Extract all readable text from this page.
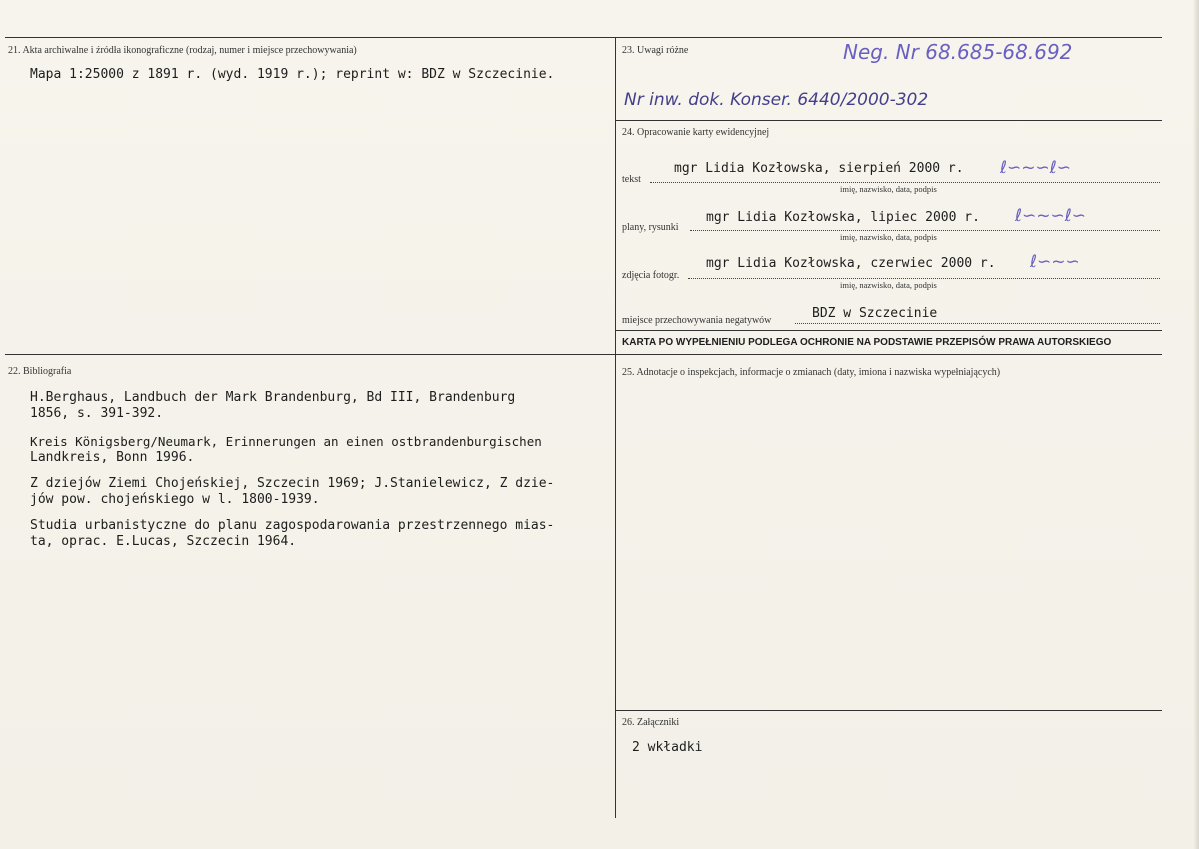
21. Akta archiwalne i źródła ikonograficzne (rodzaj, numer i miejsce przechowywania)
Mapa 1:25000 z 1891 r. (wyd. 1919 r.); reprint w: BDZ w Szczecinie.
23. Uwagi różne	Neg. Nr 68.685-68.692
Nr inw. dok. Konser. 6440/2000-302
24. Opracowanie karty ewidencyjnej
tekst
mgr Lidia Kozłowska, sierpień 2000 r. ℓ∽~∽ℓ∽
imię, nazwisko, data, podpis
plany, rysunki
mgr Lidia Kozłowska, lipiec 2000 r. ℓ∽~∽ℓ∽
imię, nazwisko, data, podpis
zdjęcia fotogr.
mgr Lidia Kozłowska, czerwiec 2000 r. ℓ∽~∽
imię, nazwisko, data, podpis
miejsce przechowywania negatywów	BDZ w Szczecinie
KARTA PO WYPEŁNIENIU PODLEGA OCHRONIE NA PODSTAWIE PRZEPISÓW PRAWA AUTORSKIEGO
22. Bibliografia
H.Berghaus, Landbuch der Mark Brandenburg, Bd III, Brandenburg
1856, s. 391-392.
Kreis Königsberg/Neumark, Erinnerungen an einen ostbrandenburgischen
Landkreis, Bonn 1996.
Z dziejów Ziemi Chojeńskiej, Szczecin 1969; J.Stanielewicz, Z dzie-
jów pow. chojeńskiego w l. 1800-1939.
Studia urbanistyczne do planu zagospodarowania przestrzennego mias-
ta, oprac. E.Lucas, Szczecin 1964.
25. Adnotacje o inspekcjach, informacje o zmianach (daty, imiona i nazwiska wypełniających)
26. Załączniki
2 wkładki
